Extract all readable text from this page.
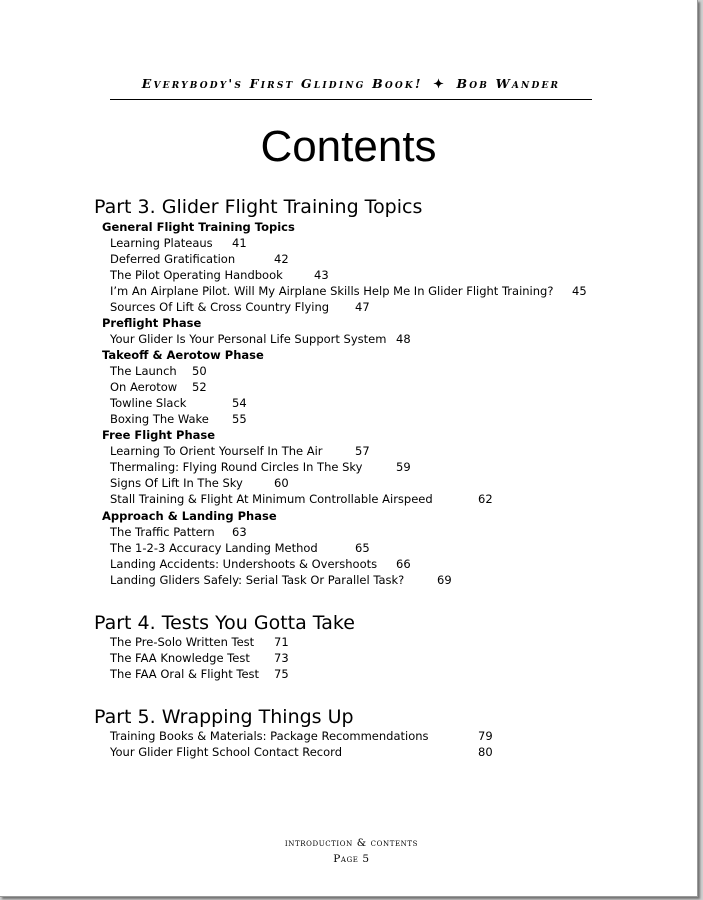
Everybody's First Gliding Book! ✦ Bob Wander
Contents
Part 3. Glider Flight Training Topics
General Flight Training Topics
Learning Plateaus 41
Deferred Gratification	42
The Pilot Operating Handbook	43
I’m An Airplane Pilot. Will My Airplane Skills Help Me In Glider Flight Training? 45
Sources Of Lift & Cross Country Flying 47
Preflight Phase
Your Glider Is Your Personal Life Support System 48
Takeoff & Aerotow Phase
The Launch 50
On Aerotow 52
Towline Slack	54
Boxing The Wake 55
Free Flight Phase
Learning To Orient Yourself In The Air	57
Thermaling: Flying Round Circles In The Sky	59
Signs Of Lift In The Sky	60
Stall Training & Flight At Minimum Controllable Airspeed	62
Approach & Landing Phase
The Traffic Pattern 63
The 1-2-3 Accuracy Landing Method	65
Landing Accidents: Undershoots & Overshoots 66
Landing Gliders Safely: Serial Task Or Parallel Task?	69
Part 4. Tests You Gotta Take
The Pre-Solo Written Test 71
The FAA Knowledge Test 73
The FAA Oral & Flight Test 75
Part 5. Wrapping Things Up
Training Books & Materials: Package Recommendations	79
Your Glider Flight School Contact Record	80
introduction & contents
Page 5
